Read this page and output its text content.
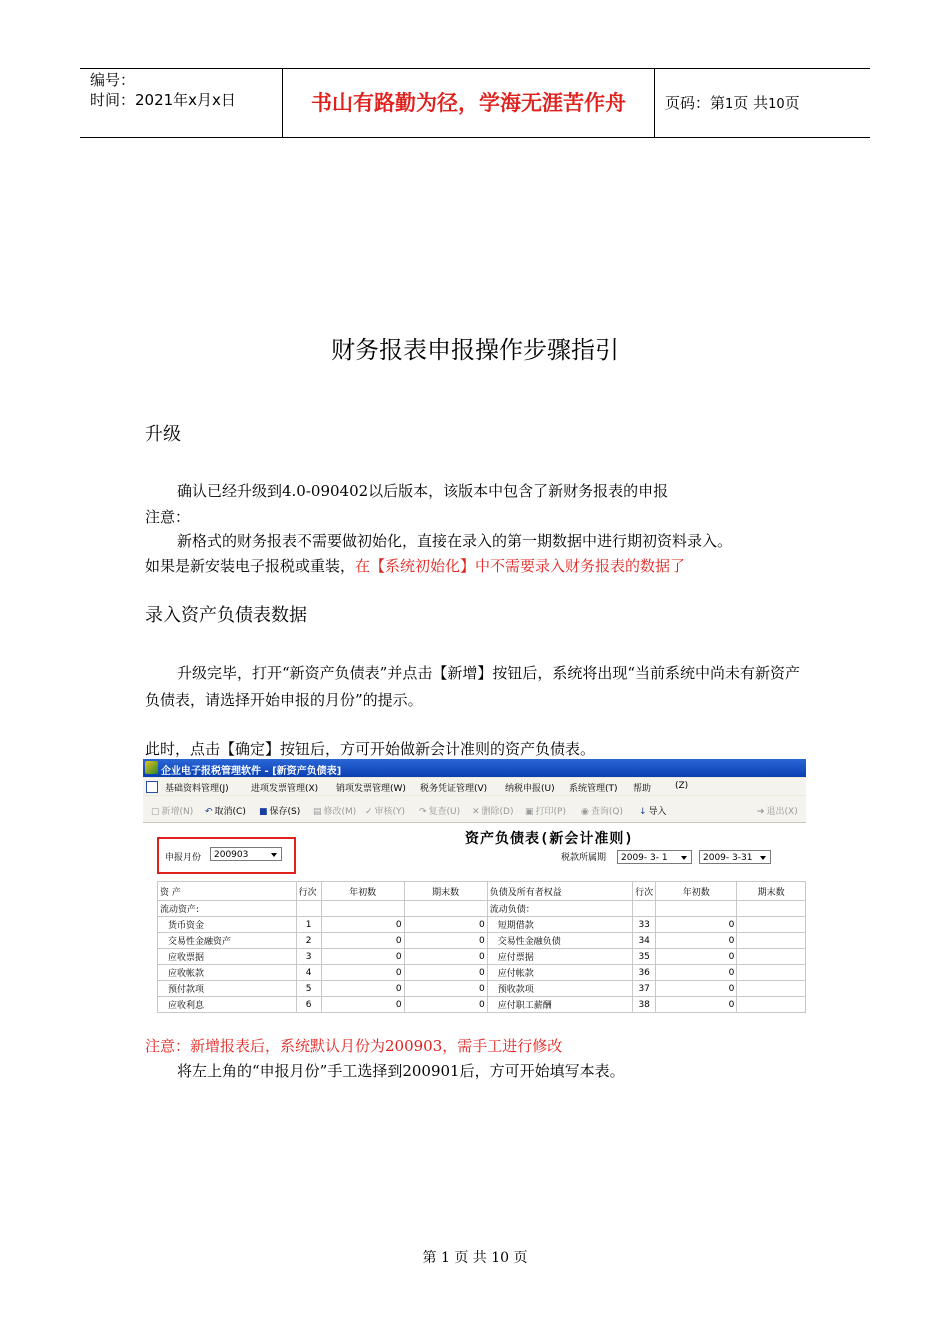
编号：
时间：2021年x月x日	书山有路勤为径，学海无涯苦作舟	页码：第1页 共10页
财务报表申报操作步骤指引
升级
确认已经升级到4.0-090402以后版本，该版本中包含了新财务报表的申报
注意：
新格式的财务报表不需要做初始化，直接在录入的第一期数据中进行期初资料录入。
如果是新安装电子报税或重装，在【系统初始化】中不需要录入财务报表的数据了
录入资产负债表数据
升级完毕，打开“新资产负债表”并点击【新增】按钮后，系统将出现“当前系统中尚未有新资产负债表，请选择开始申报的月份”的提示。
此时，点击【确定】按钮后，方可开始做新会计准则的资产负债表。
企业电子报税管理软件 - [新资产负债表]
基础资料管理(J) 进项发票管理(X) 销项发票管理(W) 税务凭证管理(V) 纳税申报(U) 系统管理(T) 帮助	(Z)
▢ 新增(N) ↶ 取消(C) ■ 保存(S) ▤ 修改(M) ✓ 审核(Y) ↷ 复查(U) ✕ 删除(D) ▣ 打印(P) ◉ 查询(Q) ↓ 导入	➔ 退出(X)
资产负债表(新会计准则)
申报月份	200903	税款所属期	2009- 3- 1	2009- 3-31
资 产	行次	年初数	期末数	负债及所有者权益	行次	年初数	期末数
流动资产:				流动负债：			
货币资金	1	0	0	短期借款	33	0	
交易性金融资产	2	0	0	交易性金融负债	34	0	
应收票据	3	0	0	应付票据	35	0	
应收帐款	4	0	0	应付帐款	36	0	
预付款项	5	0	0	预收款项	37	0	
应收利息	6	0	0	应付职工薪酬	38	0	
注意：新增报表后，系统默认月份为200903，需手工进行修改
将左上角的“申报月份”手工选择到200901后，方可开始填写本表。
第 1 页 共 10 页
